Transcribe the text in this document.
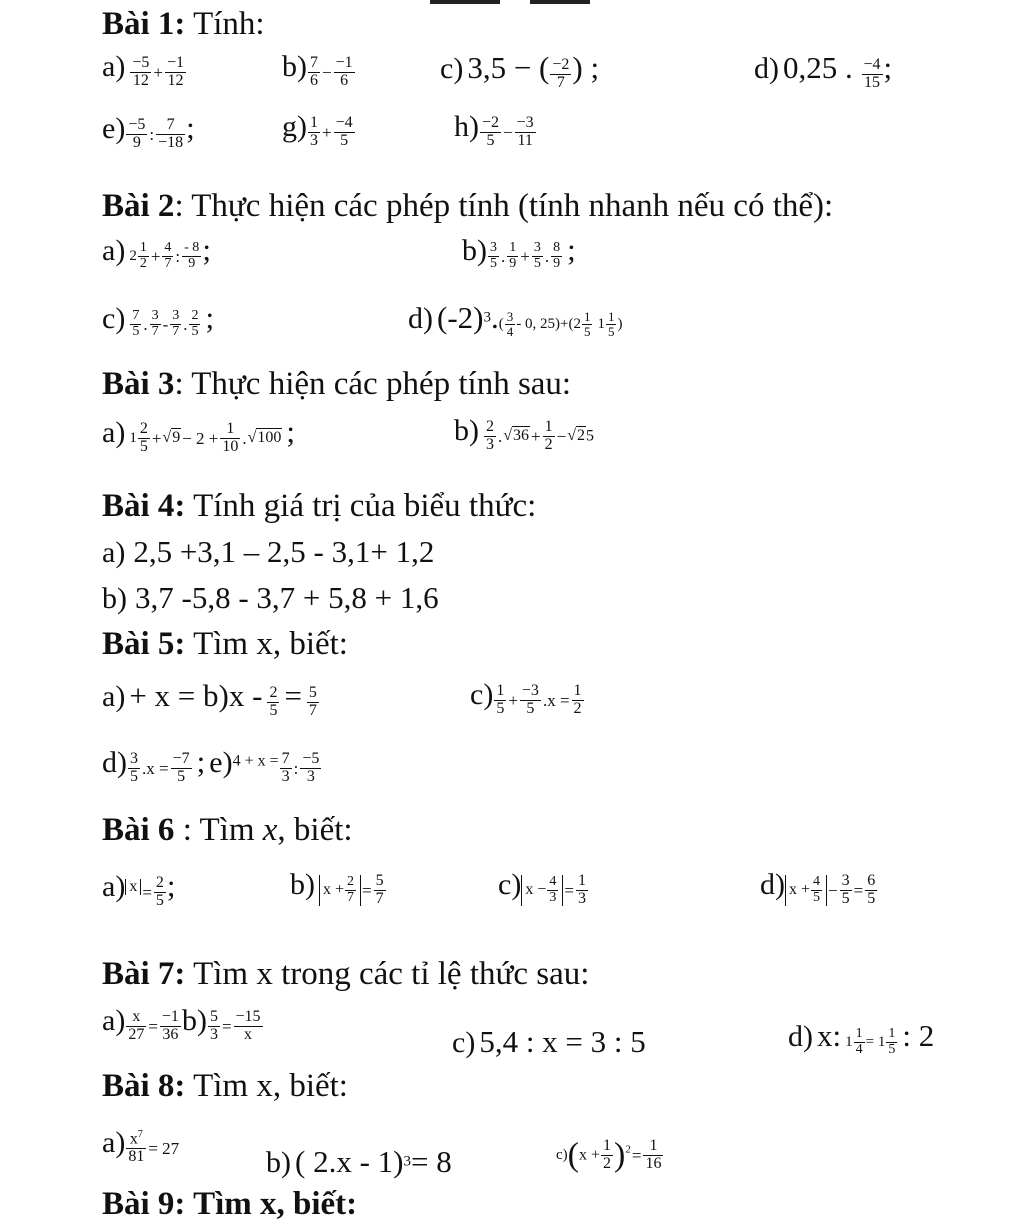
Bài 1: Tính:
$a) \frac{-5}{12} + \frac{-1}{12}$	$b) \frac{7}{6} - \frac{-1}{6}$	c) 3,5 − ( $\frac{-2}{7}$ ) ;	d) 0,25 . $\frac{-4}{15}$ ;
$e) \frac{-5}{9}$ : $\frac{7}{-18}$ ;	$g) \frac{1}{3} + \frac{-4}{5}$	$h) \frac{-2}{5} - \frac{-3}{11}$
Bài 2: Thực hiện các phép tính (tính nhanh nếu có thể):
a) $2 \frac{1}{2} + \frac{4}{7}$ : $\frac{- 8}{9}$ ;	$b) \frac{3}{5}$ . $\frac{1}{9} + \frac{3}{5}$ . $\frac{8}{9}$ ;
$c) \frac{7}{5}$ . $\frac{3}{7} - \frac{3}{7}$ . $\frac{2}{5}$ ;	d) $(-2)^3.( \frac{3}{4} - 0$, $25)+(2 \frac{1}{5} 1 \frac{1}{5}$ )
Bài 3: Thực hiện các phép tính sau:
a) $1 \frac{2}{5} +√9 - 2 + \frac{1}{10} .√100$ ;	$b) \frac{2}{3} .√36 + \frac{1}{2} -√25$
Bài 4: Tính giá trị của biểu thức:
a) 2,5 +3,1 – 2,5 - 3,1+ 1,2
b) 3,7 -5,8 - 3,7 + 5,8 + 1,6
Bài 5: Tìm x, biết:
$a) + x = b)x - \frac{2}{5} = \frac{5}{7}$	$c) \frac{1}{5} + \frac{-3}{5} .x = \frac{1}{2}$
$d) \frac{3}{5} .x = \frac{-7}{5}$ ; $e)^{4 + x =} \frac{7}{3}$ : $\frac{-5}{3}$
Bài 6 : Tìm x, biết:
a) $^x = \frac{2}{5}$ ;	b) $x + \frac{2}{7} = \frac{5}{7}$	c) $x - \frac{4}{3} = \frac{1}{3}$	d) $x + \frac{4}{5} - \frac{3}{5} = \frac{6}{5}$
Bài 7: Tìm x trong các tỉ lệ thức sau:
$a) \frac{x}{27} = \frac{-1}{36} b) \frac{5}{3} = \frac{-15}{x}$	c) 5,4 : x = 3 : 5	d) x: $1 \frac{1}{4} = 1 \frac{1}{5}$ : 2
Bài 8: Tìm x, biết:
$a) \frac{x^7}{81} = 27$	b) ( 2.x - 1)$^3$= 8	$c)(x + \frac{1}{2} )^2= \frac{1}{16}$
Bài 9: Tìm x, biết:
